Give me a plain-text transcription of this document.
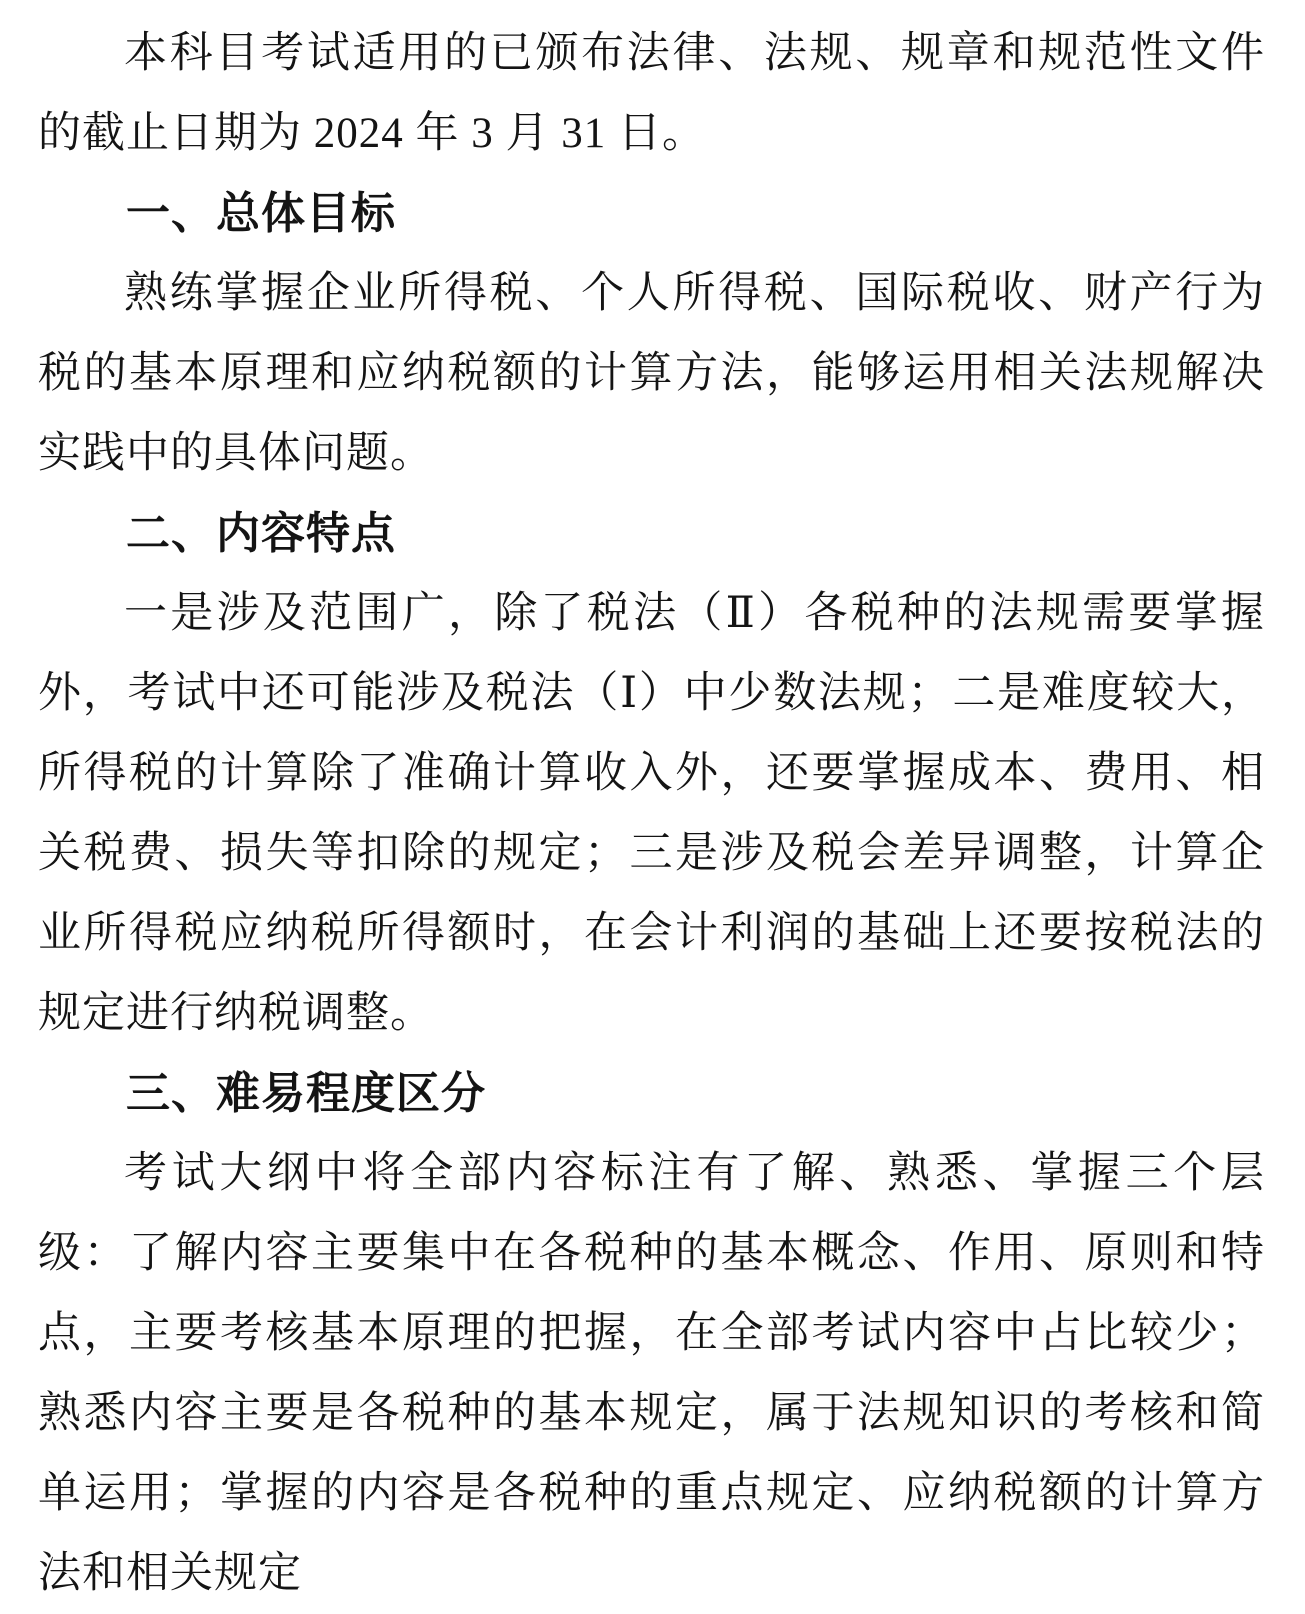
本科目考试适用的已颁布法律、法规、规章和规范性文件的截止日期为 2024 年 3 月 31 日。

一、总体目标

熟练掌握企业所得税、个人所得税、国际税收、财产行为税的基本原理和应纳税额的计算方法，能够运用相关法规解决实践中的具体问题。

二、内容特点

一是涉及范围广，除了税法（Ⅱ）各税种的法规需要掌握外，考试中还可能涉及税法（Ⅰ）中少数法规；二是难度较大，所得税的计算除了准确计算收入外，还要掌握成本、费用、相关税费、损失等扣除的规定；三是涉及税会差异调整，计算企业所得税应纳税所得额时，在会计利润的基础上还要按税法的规定进行纳税调整。

三、难易程度区分

考试大纲中将全部内容标注有了解、熟悉、掌握三个层级：了解内容主要集中在各税种的基本概念、作用、原则和特点，主要考核基本原理的把握，在全部考试内容中占比较少；熟悉内容主要是各税种的基本规定，属于法规知识的考核和简单运用；掌握的内容是各税种的重点规定、应纳税额的计算方法和相关规定
